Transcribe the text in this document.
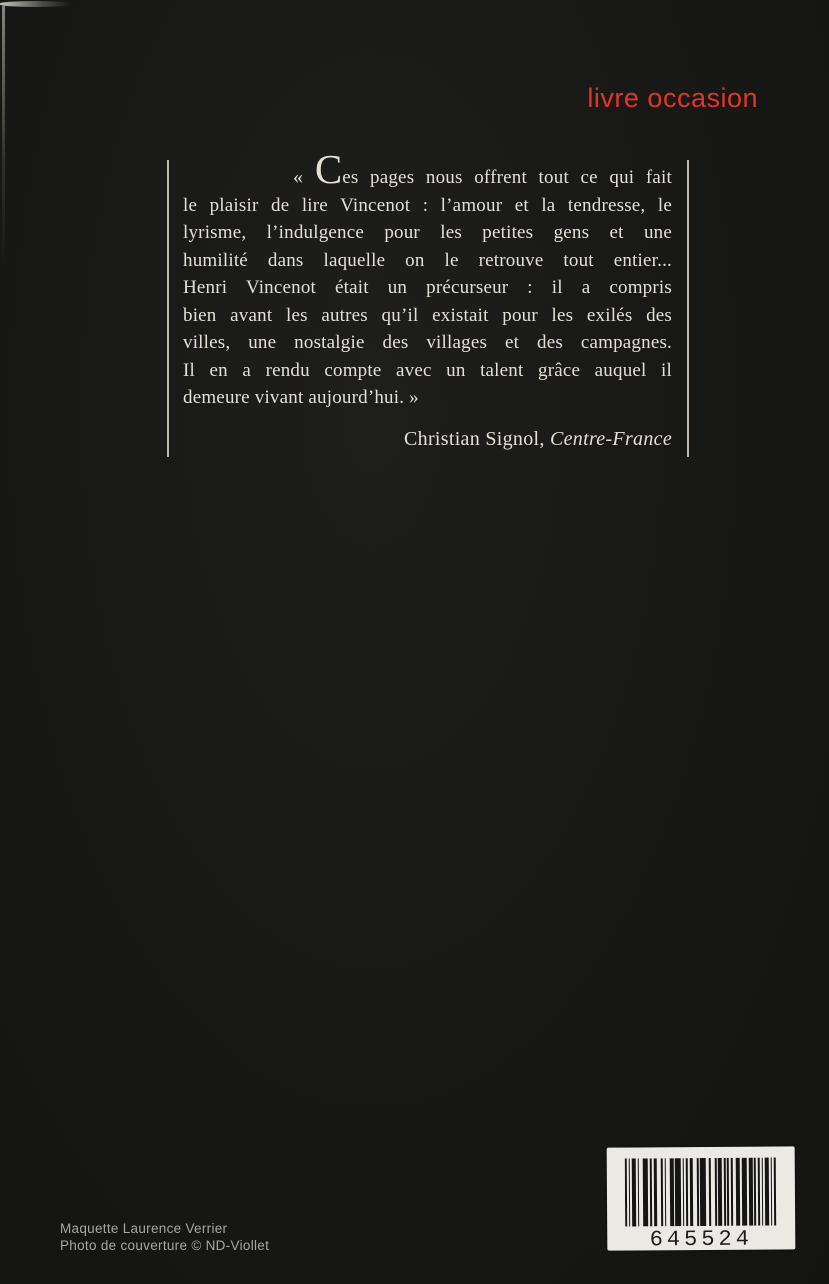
livre occasion
« Ces pages nous offrent tout ce qui fait
le plaisir de lire Vincenot : l’amour et la tendresse, le
lyrisme, l’indulgence pour les petites gens et une
humilité dans laquelle on le retrouve tout entier...
Henri Vincenot était un précurseur : il a compris
bien avant les autres qu’il existait pour les exilés des
villes, une nostalgie des villages et des campagnes.
Il en a rendu compte avec un talent grâce auquel il
demeure vivant aujourd’hui. »
Christian Signol, Centre-France
Maquette Laurence Verrier
Photo de couverture © ND-Viollet	645524
